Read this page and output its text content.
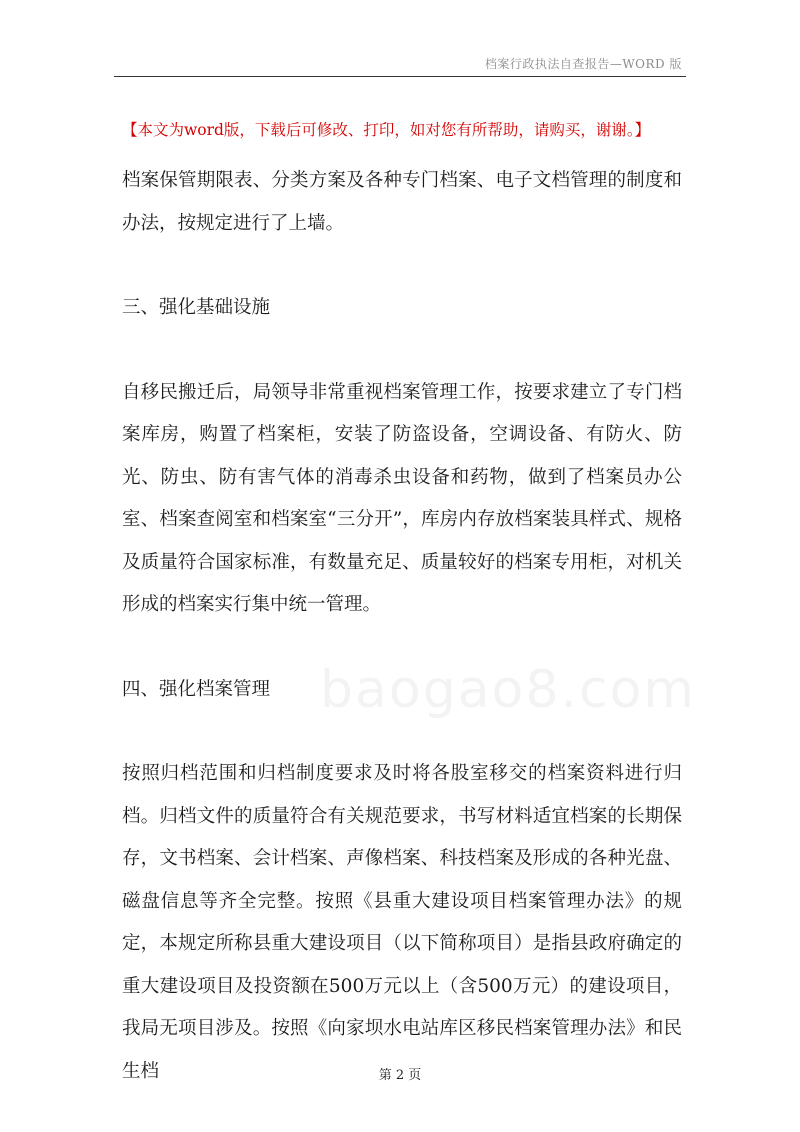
档案行政执法自查报告—WORD 版
【本文为word版，下载后可修改、打印，如对您有所帮助，请购买，谢谢。】

档案保管期限表、分类方案及各种专门档案、电子文档管理的制度和办法，按规定进行了上墙。

三、强化基础设施

自移民搬迁后，局领导非常重视档案管理工作，按要求建立了专门档案库房，购置了档案柜，安装了防盗设备，空调设备、有防火、防光、防虫、防有害气体的消毒杀虫设备和药物，做到了档案员办公室、档案查阅室和档案室“三分开”，库房内存放档案装具样式、规格及质量符合国家标准，有数量充足、质量较好的档案专用柜，对机关形成的档案实行集中统一管理。

四、强化档案管理

按照归档范围和归档制度要求及时将各股室移交的档案资料进行归档。归档文件的质量符合有关规范要求，书写材料适宜档案的长期保存，文书档案、会计档案、声像档案、科技档案及形成的各种光盘、磁盘信息等齐全完整。按照《县重大建设项目档案管理办法》的规定，本规定所称县重大建设项目（以下简称项目）是指县政府确定的重大建设项目及投资额在500万元以上（含500万元）的建设项目，我局无项目涉及。按照《向家坝水电站库区移民档案管理办法》和民生档

baogao8.com
第 2 页
